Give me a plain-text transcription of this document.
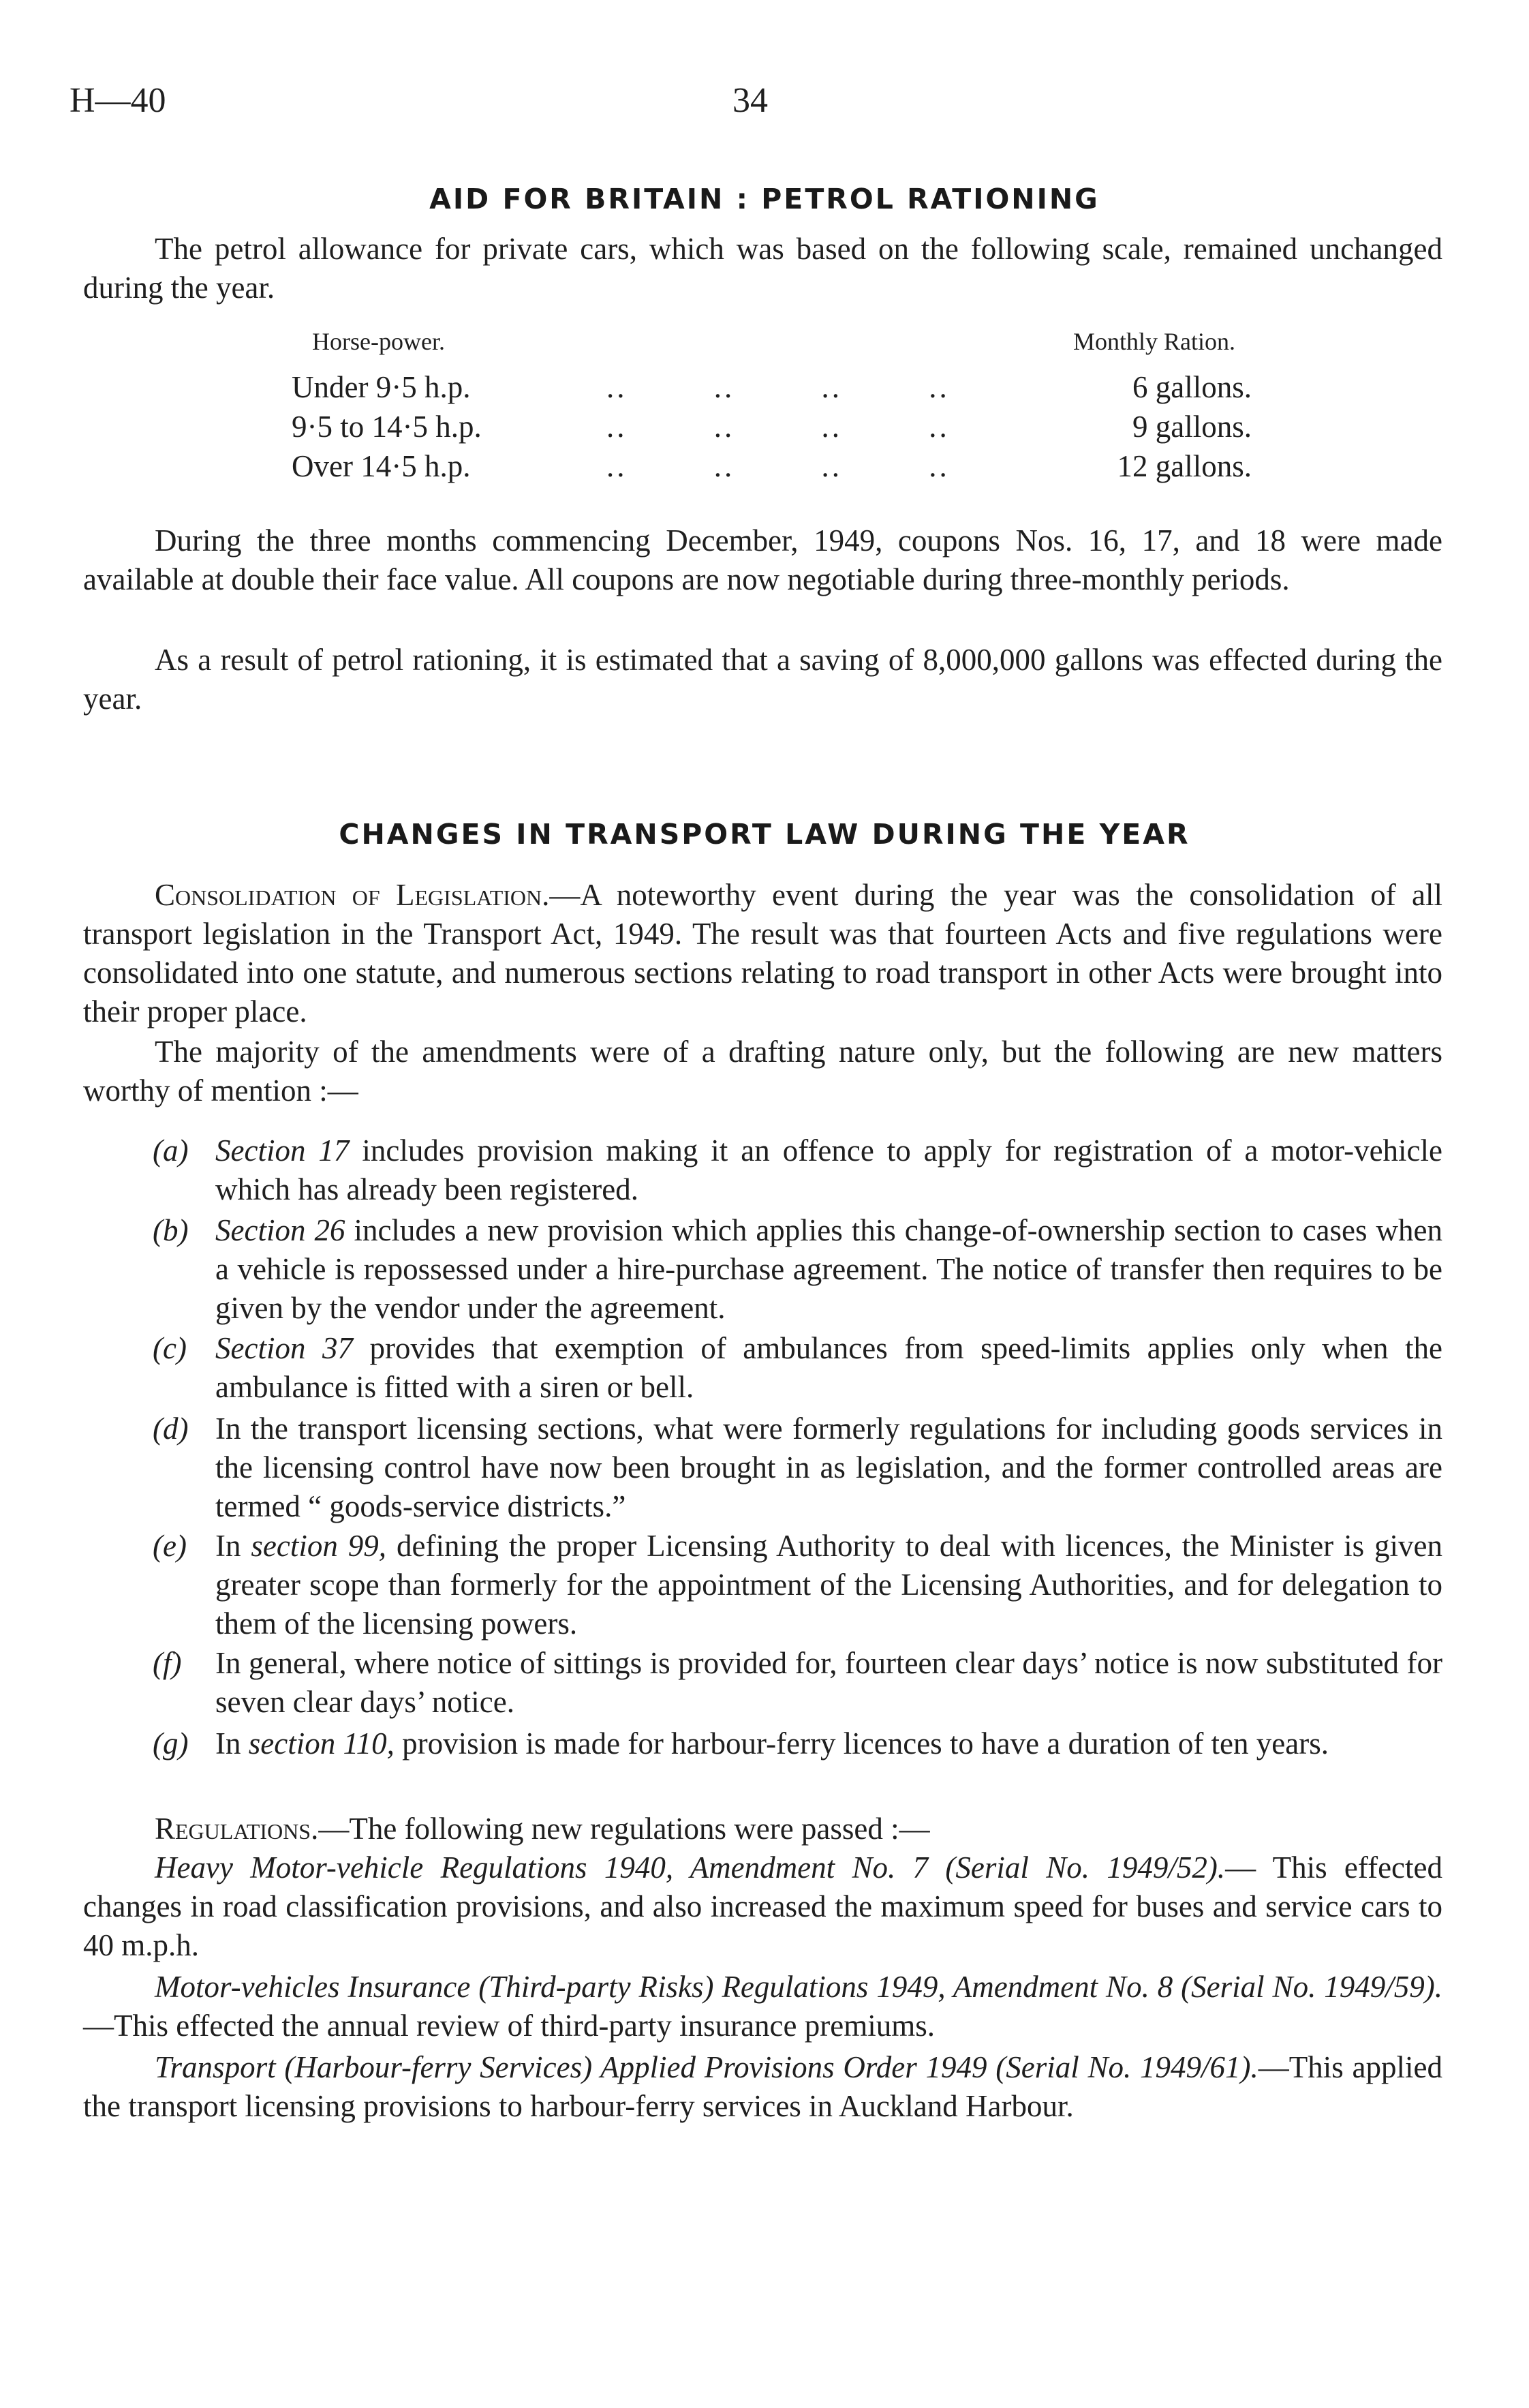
H—40	34
AID FOR BRITAIN : PETROL RATIONING

The petrol allowance for private cars, which was based on the following scale, remained unchanged during the year.

Horse-power.	Monthly Ration.
Under 9·5 h.p.	.. .. .. ..	6 gallons.
9·5 to 14·5 h.p.	.. .. .. ..	9 gallons.
Over 14·5 h.p.	.. .. .. ..	12 gallons.

During the three months commencing December, 1949, coupons Nos. 16, 17, and 18 were made available at double their face value. All coupons are now negotiable during three-monthly periods.

As a result of petrol rationing, it is estimated that a saving of 8,000,000 gallons was effected during the year.

CHANGES IN TRANSPORT LAW DURING THE YEAR

Consolidation of Legislation.—A noteworthy event during the year was the consolidation of all transport legislation in the Transport Act, 1949. The result was that fourteen Acts and five regulations were consolidated into one statute, and numerous sections relating to road transport in other Acts were brought into their proper place.

The majority of the amendments were of a drafting nature only, but the following are new matters worthy of mention :—

(a) Section 17 includes provision making it an offence to apply for registration of a motor-vehicle which has already been registered.
(b) Section 26 includes a new provision which applies this change-of-ownership section to cases when a vehicle is repossessed under a hire-purchase agreement. The notice of transfer then requires to be given by the vendor under the agreement.
(c) Section 37 provides that exemption of ambulances from speed-limits applies only when the ambulance is fitted with a siren or bell.
(d) In the transport licensing sections, what were formerly regulations for including goods services in the licensing control have now been brought in as legislation, and the former controlled areas are termed “ goods-service districts.”
(e) In section 99, defining the proper Licensing Authority to deal with licences, the Minister is given greater scope than formerly for the appointment of the Licensing Authorities, and for delegation to them of the licensing powers.
(f) In general, where notice of sittings is provided for, fourteen clear days’ notice is now substituted for seven clear days’ notice.
(g) In section 110, provision is made for harbour-ferry licences to have a duration of ten years.

Regulations.—The following new regulations were passed :—

Heavy Motor-vehicle Regulations 1940, Amendment No. 7 (Serial No. 1949/52).— This effected changes in road classification provisions, and also increased the maximum speed for buses and service cars to 40 m.p.h.

Motor-vehicles Insurance (Third-party Risks) Regulations 1949, Amendment No. 8 (Serial No. 1949/59).—This effected the annual review of third-party insurance premiums.

Transport (Harbour-ferry Services) Applied Provisions Order 1949 (Serial No. 1949/61).—This applied the transport licensing provisions to harbour-ferry services in Auckland Harbour.
